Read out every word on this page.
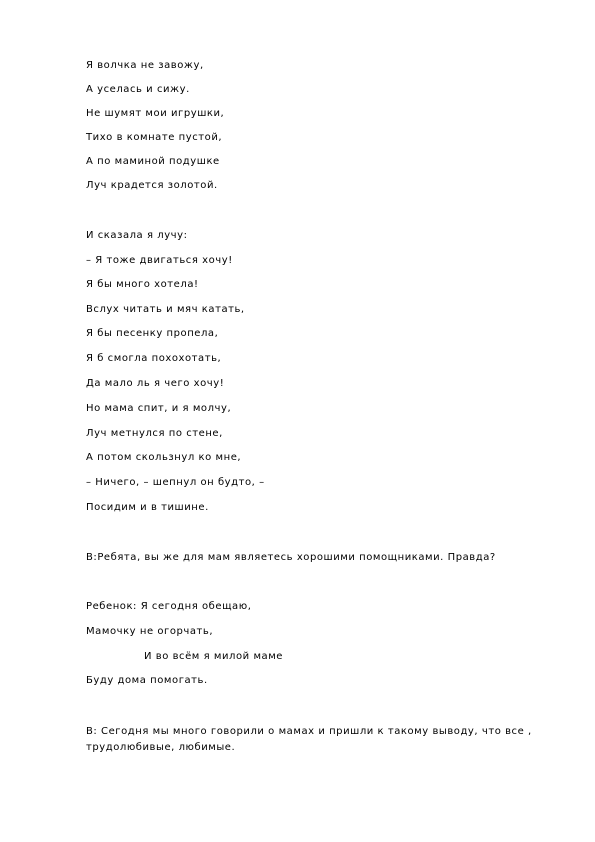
Я волчка не завожу,
А уселась и сижу.
Не шумят мои игрушки,
Тихо в комнате пустой,
А по маминой подушке
Луч крадется золотой.
И сказала я лучу:
– Я тоже двигаться хочу!
Я бы много хотела!
Вслух читать и мяч катать,
Я бы песенку пропела,
Я б смогла похохотать,
Да мало ль я чего хочу!
Но мама спит, и я молчу,
Луч метнулся по стене,
А потом скользнул ко мне,
– Ничего, – шепнул он будто, –
Посидим и в тишине.
В:Ребята, вы же для мам являетесь хорошими помощниками. Правда?
Ребенок: Я сегодня обещаю,
Мамочку не огорчать,
И во всём я милой маме
Буду дома помогать.
В: Сегодня мы много говорили о мамах и пришли к такому выводу, что все ,
трудолюбивые, любимые.
